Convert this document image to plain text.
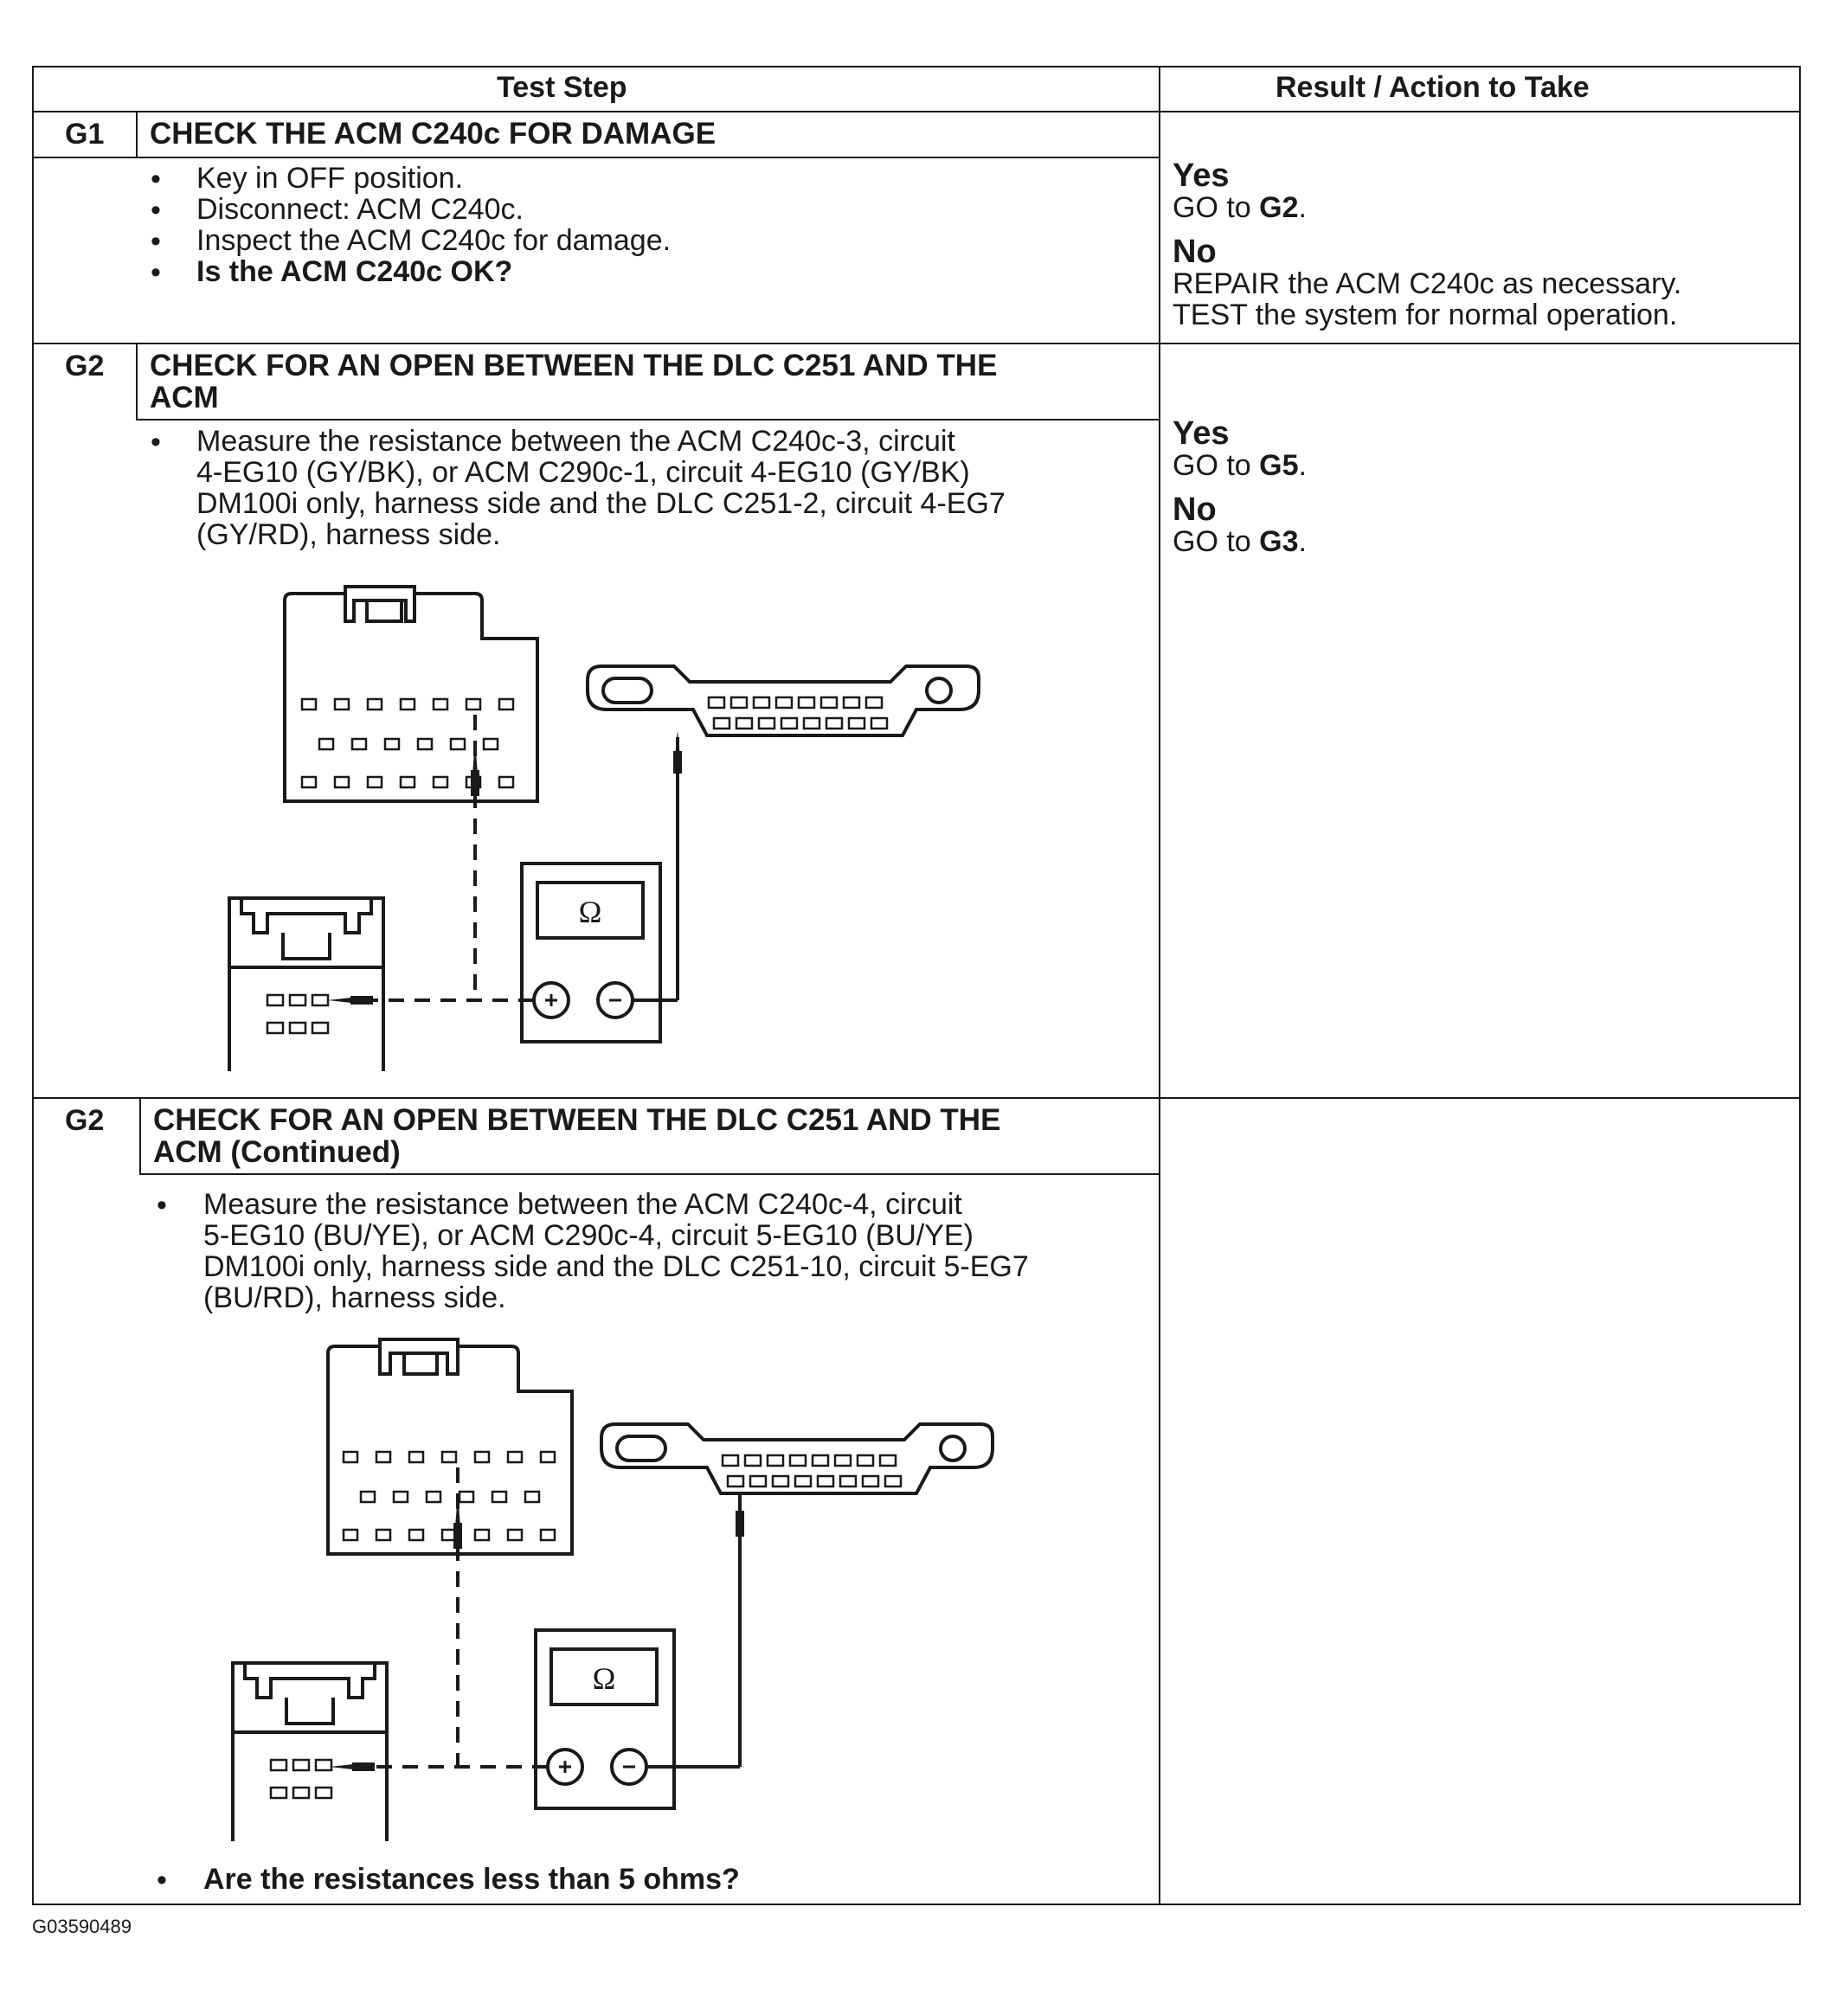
Test Step	Result / Action to Take
G1 CHECK THE ACM C240c FOR DAMAGE
• Key in OFF position.
• Disconnect: ACM C240c.
• Inspect the ACM C240c for damage.
• Is the ACM C240c OK?
Yes
GO to G2.
No
REPAIR the ACM C240c as necessary.
TEST the system for normal operation.
G2 CHECK FOR AN OPEN BETWEEN THE DLC C251 AND THE
ACM
• Measure the resistance between the ACM C240c-3, circuit
4-EG10 (GY/BK), or ACM C290c-1, circuit 4-EG10 (GY/BK)
DM100i only, harness side and the DLC C251-2, circuit 4-EG7
(GY/RD), harness side.
Yes
GO to G5.
No
GO to G3.
Ω
G2 CHECK FOR AN OPEN BETWEEN THE DLC C251 AND THE
ACM (Continued)
• Measure the resistance between the ACM C240c-4, circuit
5-EG10 (BU/YE), or ACM C290c-4, circuit 5-EG10 (BU/YE)
DM100i only, harness side and the DLC C251-10, circuit 5-EG7
(BU/RD), harness side.
Ω
• Are the resistances less than 5 ohms?
G03590489
